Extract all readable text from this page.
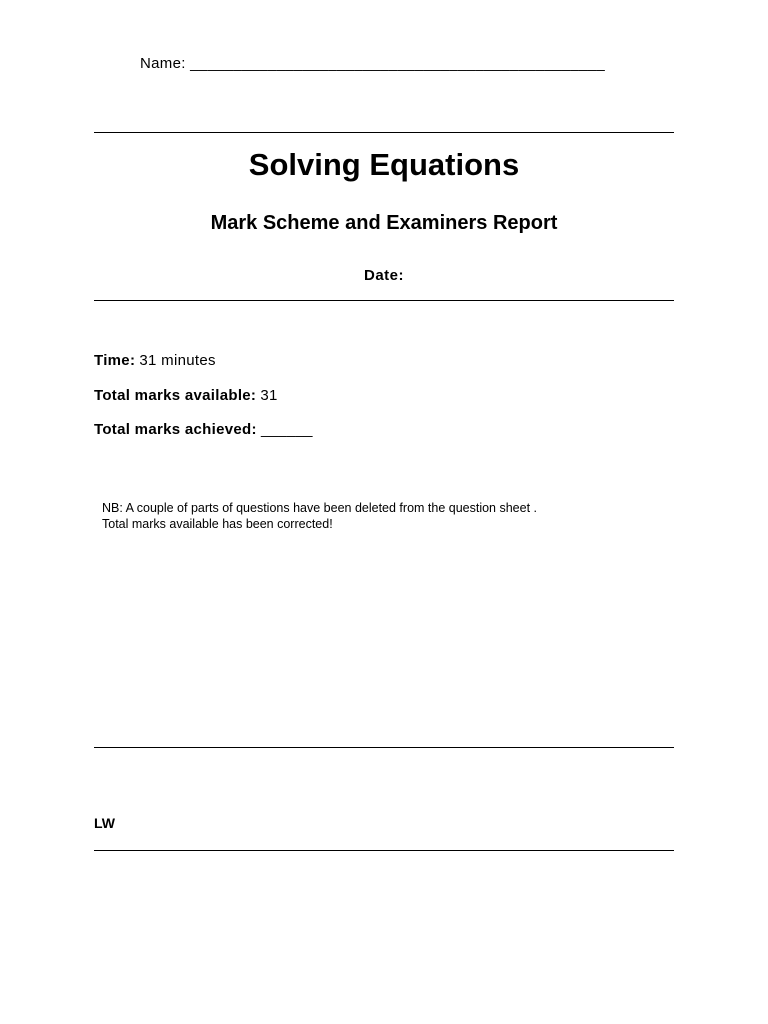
Name: ________________________________________________
Solving Equations
Mark Scheme and Examiners Report
Date:
Time: 31 minutes
Total marks available: 31
Total marks achieved: ______
NB: A couple of parts of questions have been deleted from the question sheet .
Total marks available has been corrected!
LW
